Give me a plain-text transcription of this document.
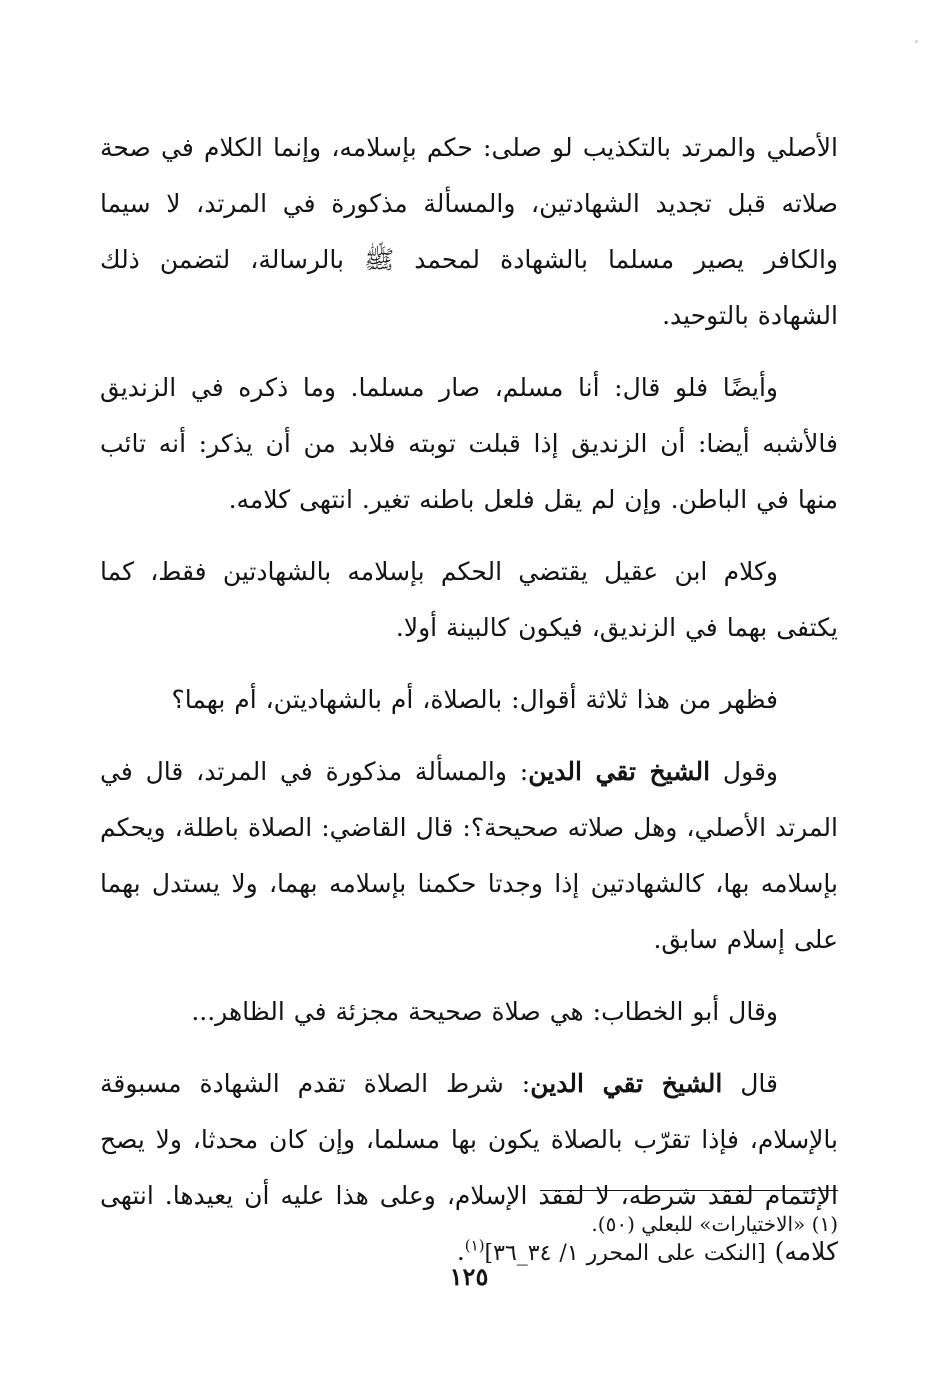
الأصلي والمرتد بالتكذيب لو صلى: حكم بإسلامه، وإنما الكلام في صحة صلاته قبل تجديد الشهادتين، والمسألة مذكورة في المرتد، لا سيما والكافر يصير مسلما بالشهادة لمحمد ﷺ بالرسالة، لتضمن ذلك الشهادة بالتوحيد.

وأيضًا فلو قال: أنا مسلم، صار مسلما. وما ذكره في الزنديق فالأشبه أيضا: أن الزنديق إذا قبلت توبته فلابد من أن يذكر: أنه تائب منها في الباطن. وإن لم يقل فلعل باطنه تغير. انتهى كلامه.

وكلام ابن عقيل يقتضي الحكم بإسلامه بالشهادتين فقط، كما يكتفى بهما في الزنديق، فيكون كالبينة أولا.

فظهر من هذا ثلاثة أقوال: بالصلاة، أم بالشهاديتن، أم بهما؟

وقول الشيخ تقي الدين: والمسألة مذكورة في المرتد، قال في المرتد الأصلي، وهل صلاته صحيحة؟: قال القاضي: الصلاة باطلة، ويحكم بإسلامه بها، كالشهادتين إذا وجدتا حكمنا بإسلامه بهما، ولا يستدل بهما على إسلام سابق.

وقال أبو الخطاب: هي صلاة صحيحة مجزئة في الظاهر...

قال الشيخ تقي الدين: شرط الصلاة تقدم الشهادة مسبوقة بالإسلام، فإذا تقرّب بالصلاة يكون بها مسلما، وإن كان محدثا، ولا يصح الإئتمام لفقد شرطه، لا لفقد الإسلام، وعلى هذا عليه أن يعيدها. انتهى كلامه) [النكت على المحرر ١/ ٣٤_٣٦]$^{(١)}$.

(١) «الاختيارات» للبعلي (٥٠).
١٢٥
